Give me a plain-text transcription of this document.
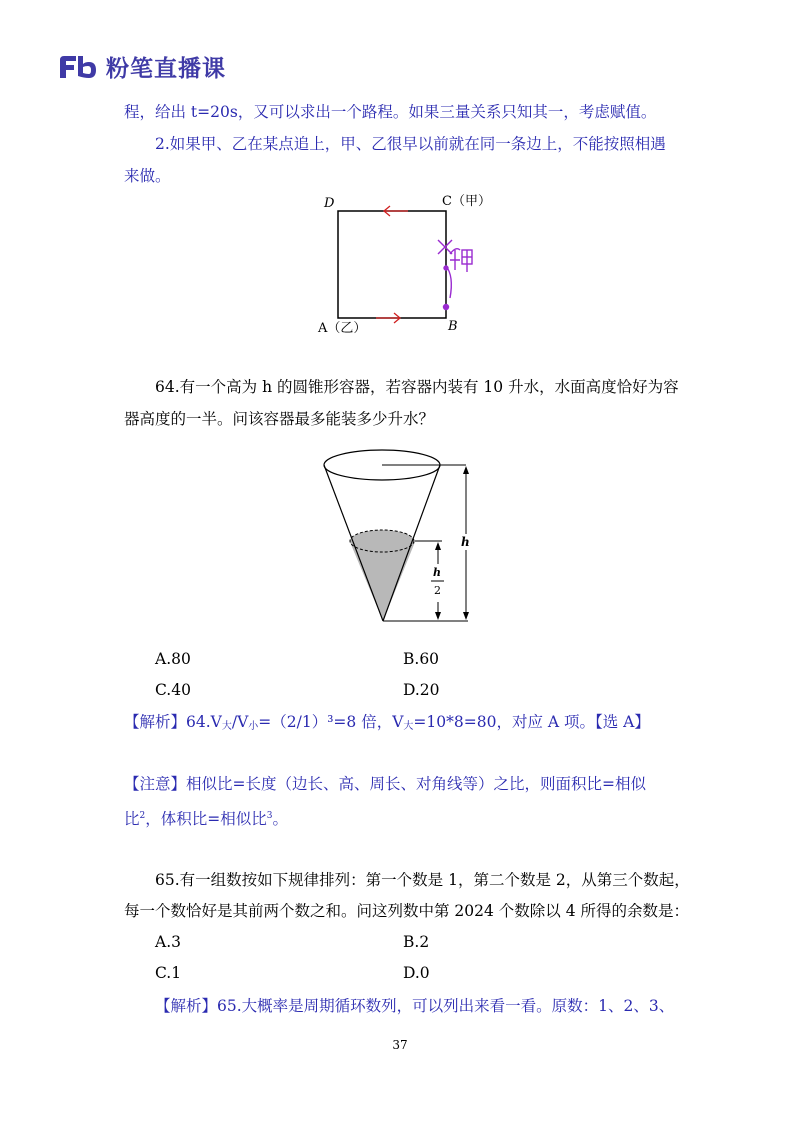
粉笔直播课
程，给出 t=20s，又可以求出一个路程。如果三量关系只知其一，考虑赋值。
2.如果甲、乙在某点追上，甲、乙很早以前就在同一条边上，不能按照相遇
来做。
D	C（甲）
A（乙）	B
64.有一个高为 h 的圆锥形容器，若容器内装有 10 升水，水面高度恰好为容
器高度的一半。问该容器最多能装多少升水？
h
h
2
A.80	B.60
C.40	D.20
【解析】$64.V_大/V_小=(2/1)^3=8$ 倍，$V_大=10*8=80$，对应 A 项。【选 A】
【注意】相似比=长度（边长、高、周长、对角线等）之比，则面积比=相似
比$^2$，体积比=相似比$^3$。
65.有一组数按如下规律排列：第一个数是 1，第二个数是 2，从第三个数起，
每一个数恰好是其前两个数之和。问这列数中第 2024 个数除以 4 所得的余数是：
A.3	B.2
C.1	D.0
【解析】65.大概率是周期循环数列，可以列出来看一看。原数：1、2、3、
37
